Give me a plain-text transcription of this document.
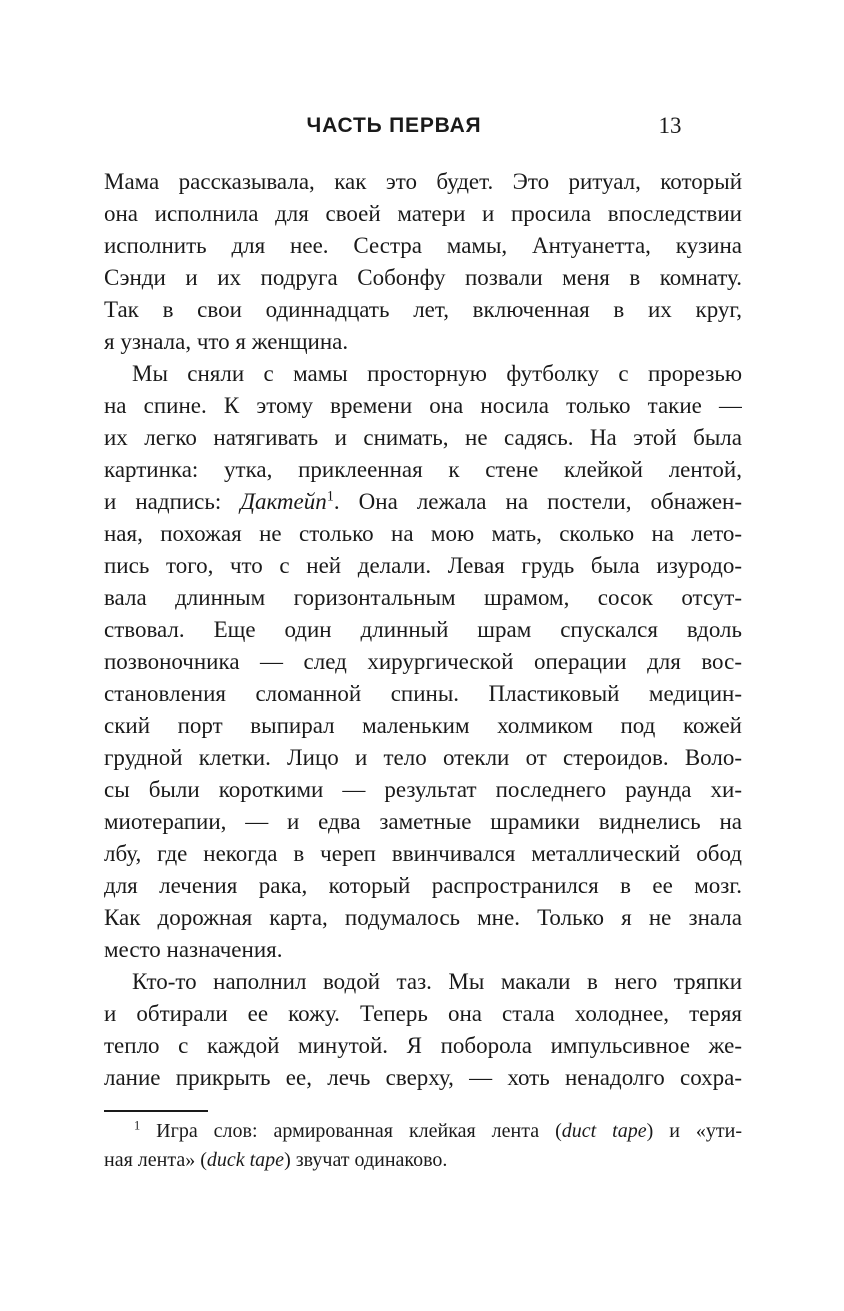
ЧАСТЬ ПЕРВАЯ	13
Мама рассказывала, как это будет. Это ритуал, который
она исполнила для своей матери и просила впоследствии
исполнить для нее. Сестра мамы, Антуанетта, кузина
Сэнди и их подруга Собонфу позвали меня в комнату.
Так в свои одиннадцать лет, включенная в их круг,
я узнала, что я женщина.
Мы сняли с мамы просторную футболку с прорезью
на спине. К этому времени она носила только такие —
их легко натягивать и снимать, не садясь. На этой была
картинка: утка, приклеенная к стене клейкой лентой,
и надпись: Дактейп$^1$. Она лежала на постели, обнажен-
ная, похожая не столько на мою мать, сколько на лето-
пись того, что с ней делали. Левая грудь была изуродо-
вала длинным горизонтальным шрамом, сосок отсут-
ствовал. Еще один длинный шрам спускался вдоль
позвоночника — след хирургической операции для вос-
становления сломанной спины. Пластиковый медицин-
ский порт выпирал маленьким холмиком под кожей
грудной клетки. Лицо и тело отекли от стероидов. Воло-
сы были короткими — результат последнего раунда хи-
миотерапии, — и едва заметные шрамики виднелись на
лбу, где некогда в череп ввинчивался металлический обод
для лечения рака, который распространился в ее мозг.
Как дорожная карта, подумалось мне. Только я не знала
место назначения.
Кто-то наполнил водой таз. Мы макали в него тряпки
и обтирали ее кожу. Теперь она стала холоднее, теряя
тепло с каждой минутой. Я поборола импульсивное же-
лание прикрыть ее, лечь сверху, — хоть ненадолго сохра-
$^1$ Игра слов: армированная клейкая лента (duct tape) и «ути-
ная лента» (duck tape) звучат одинаково.
